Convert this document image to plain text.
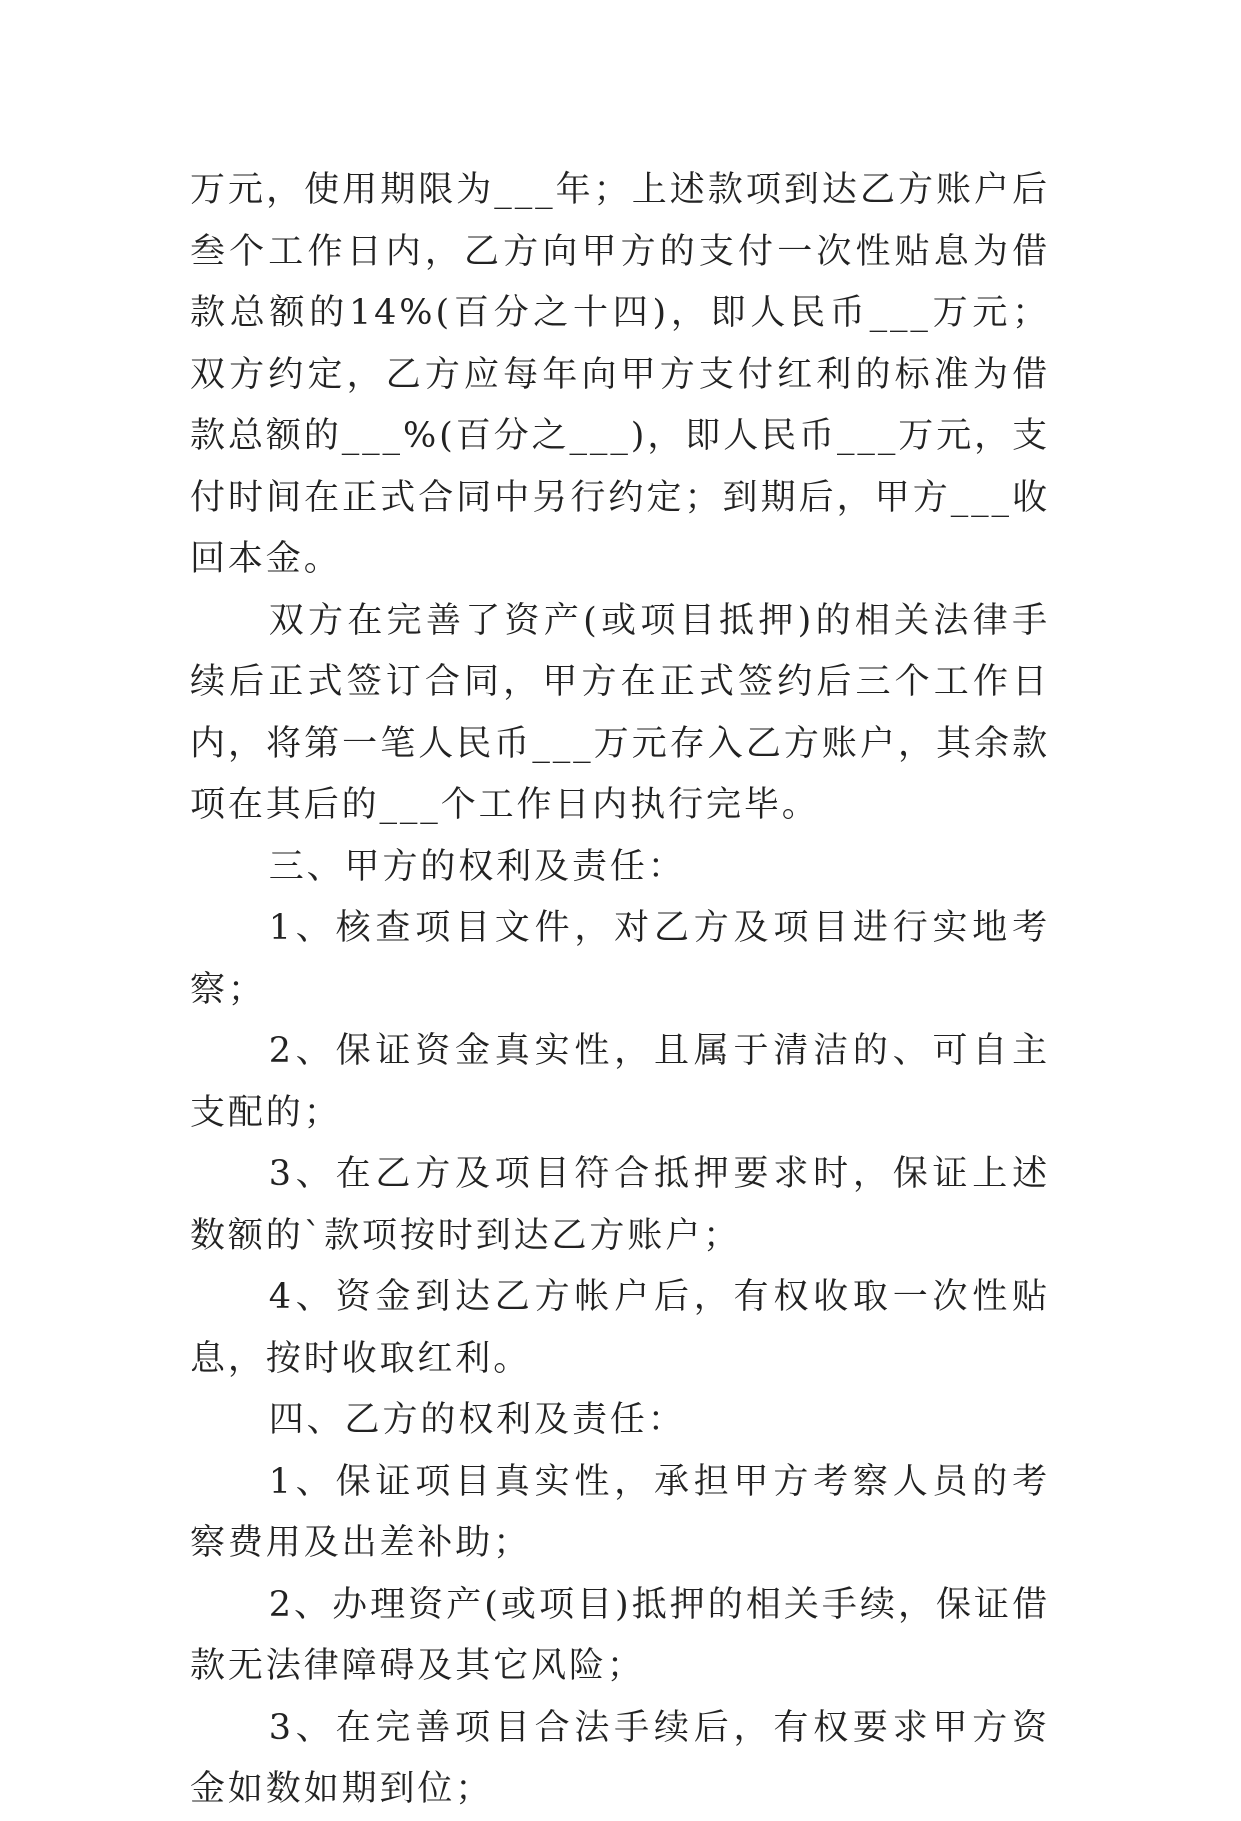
万元，使用期限为___年；上述款项到达乙方账户后叁个工作日内，乙方向甲方的支付一次性贴息为借款总额的14%(百分之十四)，即人民币___万元；双方约定，乙方应每年向甲方支付红利的标准为借款总额的___%(百分之___)，即人民币___万元，支付时间在正式合同中另行约定；到期后，甲方___收回本金。

双方在完善了资产(或项目抵押)的相关法律手续后正式签订合同，甲方在正式签约后三个工作日内，将第一笔人民币___万元存入乙方账户，其余款项在其后的___个工作日内执行完毕。

三、甲方的权利及责任：

1、核查项目文件，对乙方及项目进行实地考察；

2、保证资金真实性，且属于清洁的、可自主支配的；

3、在乙方及项目符合抵押要求时，保证上述数额的`款项按时到达乙方账户；

4、资金到达乙方帐户后，有权收取一次性贴息，按时收取红利。

四、乙方的权利及责任：

1、保证项目真实性，承担甲方考察人员的考察费用及出差补助；

2、办理资产(或项目)抵押的相关手续，保证借款无法律障碍及其它风险；

3、在完善项目合法手续后，有权要求甲方资金如数如期到位；
